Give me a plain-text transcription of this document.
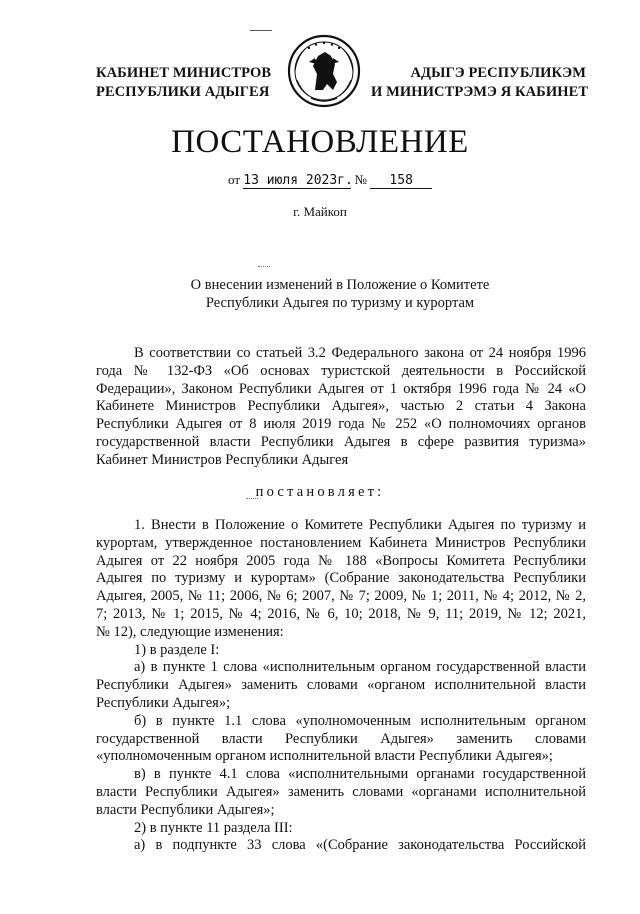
КАБИНЕТ МИНИСТРОВ
РЕСПУБЛИКИ АДЫГЕЯ
АДЫГЭ РЕСПУБЛИКЭМ
И МИНИСТРЭМЭ Я КАБИНЕТ
ПОСТАНОВЛЕНИЕ
от 13 июля 2023г. № 158
г. Майкоп
О внесении изменений в Положение о Комитете
Республики Адыгея по туризму и курортам
В соответствии со статьей 3.2 Федерального закона от 24 ноября 1996
года № 132-ФЗ «Об основах туристской деятельности в Российской
Федерации», Законом Республики Адыгея от 1 октября 1996 года № 24 «О
Кабинете Министров Республики Адыгея», частью 2 статьи 4 Закона
Республики Адыгея от 8 июля 2019 года № 252 «О полномочиях органов
государственной власти Республики Адыгея в сфере развития туризма»
Кабинет Министров Республики Адыгея
постановляет:
1. Внести в Положение о Комитете Республики Адыгея по туризму и
курортам, утвержденное постановлением Кабинета Министров Республики
Адыгея от 22 ноября 2005 года № 188 «Вопросы Комитета Республики
Адыгея по туризму и курортам» (Собрание законодательства Республики
Адыгея, 2005, № 11; 2006, № 6; 2007, № 7; 2009, № 1; 2011, № 4; 2012, № 2,
7; 2013, № 1; 2015, № 4; 2016, № 6, 10; 2018, № 9, 11; 2019, № 12; 2021,
№ 12), следующие изменения:
1) в разделе I:
а) в пункте 1 слова «исполнительным органом государственной власти
Республики Адыгея» заменить словами «органом исполнительной власти
Республики Адыгея»;
б) в пункте 1.1 слова «уполномоченным исполнительным органом
государственной власти Республики Адыгея» заменить словами
«уполномоченным органом исполнительной власти Республики Адыгея»;
в) в пункте 4.1 слова «исполнительными органами государственной
власти Республики Адыгея» заменить словами «органами исполнительной
власти Республики Адыгея»;
2) в пункте 11 раздела III:
а) в подпункте 33 слова «(Собрание законодательства Российской
